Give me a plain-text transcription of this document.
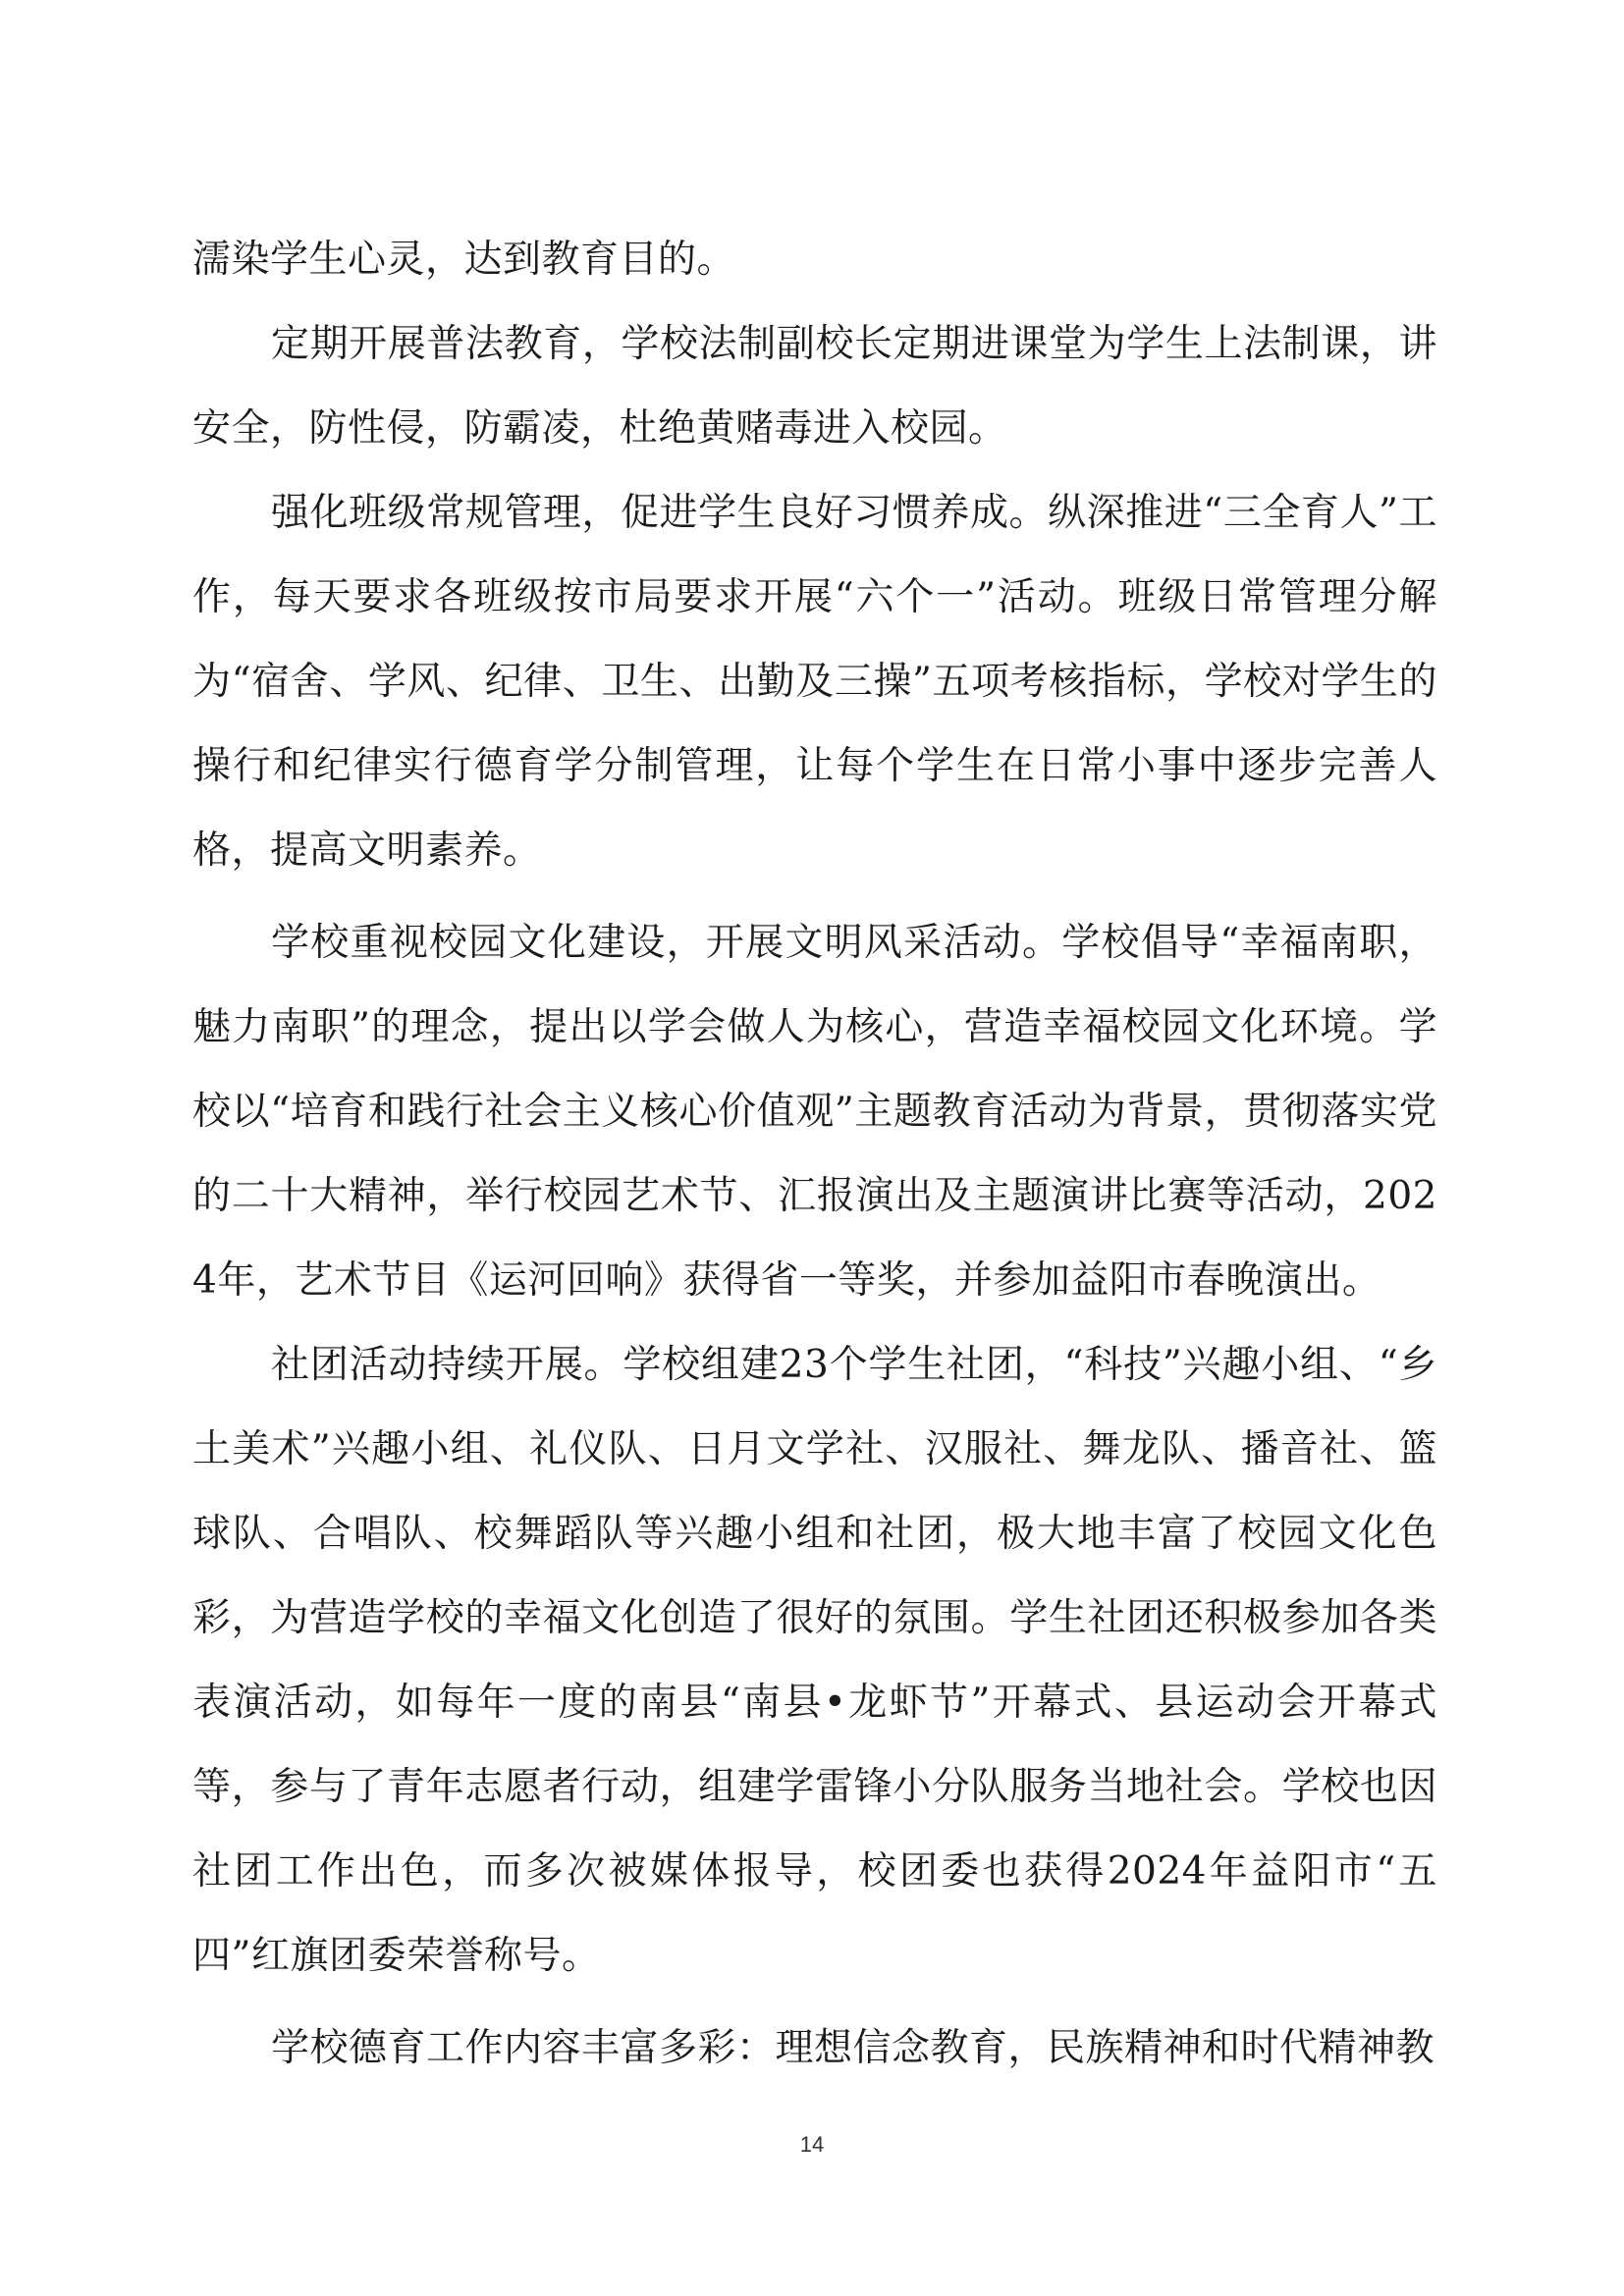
濡染学生心灵，达到教育目的。

定期开展普法教育，学校法制副校长定期进课堂为学生上法制课，讲安全，防性侵，防霸凌，杜绝黄赌毒进入校园。

强化班级常规管理，促进学生良好习惯养成。纵深推进“三全育人”工作，每天要求各班级按市局要求开展“六个一”活动。班级日常管理分解为“宿舍、学风、纪律、卫生、出勤及三操”五项考核指标，学校对学生的操行和纪律实行德育学分制管理，让每个学生在日常小事中逐步完善人格，提高文明素养。

学校重视校园文化建设，开展文明风采活动。学校倡导“幸福南职，魅力南职”的理念，提出以学会做人为核心，营造幸福校园文化环境。学校以“培育和践行社会主义核心价值观”主题教育活动为背景，贯彻落实党的二十大精神，举行校园艺术节、汇报演出及主题演讲比赛等活动，2024年，艺术节目《运河回响》获得省一等奖，并参加益阳市春晚演出。

社团活动持续开展。学校组建23个学生社团，“科技”兴趣小组、“乡土美术”兴趣小组、礼仪队、日月文学社、汉服社、舞龙队、播音社、篮球队、合唱队、校舞蹈队等兴趣小组和社团，极大地丰富了校园文化色彩，为营造学校的幸福文化创造了很好的氛围。学生社团还积极参加各类表演活动，如每年一度的南县“南县•龙虾节”开幕式、县运动会开幕式等，参与了青年志愿者行动，组建学雷锋小分队服务当地社会。学校也因社团工作出色，而多次被媒体报导，校团委也获得2024年益阳市“五四”红旗团委荣誉称号。

学校德育工作内容丰富多彩：理想信念教育，民族精神和时代精神教

14
